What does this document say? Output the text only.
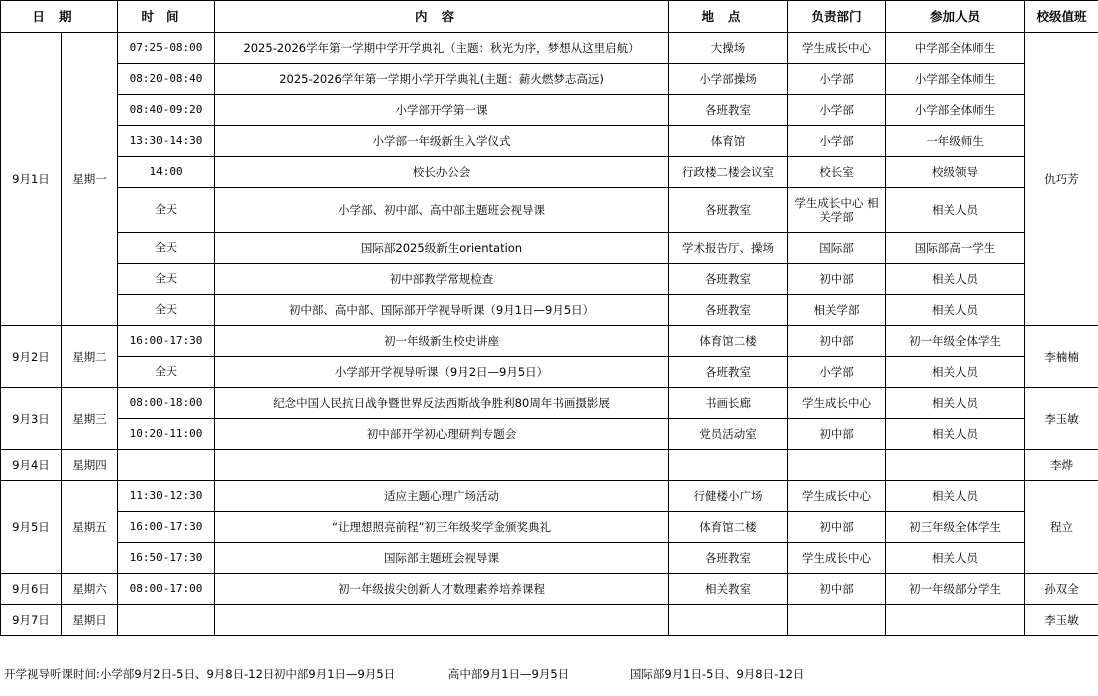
日期		时间	内容	地点	负责部门	参加人员	校级值班
9月1日	星期一	07:25-08:00	2025-2026学年第一学期中学开学典礼（主题：秋光为序，梦想从这里启航）	大操场	学生成长中心	中学部全体师生	仇巧芳
		08:20-08:40	2025-2026学年第一学期小学开学典礼(主题：薪火燃梦志高远)	小学部操场	小学部	小学部全体师生	
		08:40-09:20	小学部开学第一课	各班教室	小学部	小学部全体师生	
		13:30-14:30	小学部一年级新生入学仪式	体育馆	小学部	一年级师生	
		14:00	校长办公会	行政楼二楼会议室	校长室	校级领导	
		全天	小学部、初中部、高中部主题班会视导课	各班教室	学生成长中心 相关学部	相关人员	
		全天	国际部2025级新生orientation	学术报告厅、操场	国际部	国际部高一学生	
		全天	初中部教学常规检查	各班教室	初中部	相关人员	
		全天	初中部、高中部、国际部开学视导听课（9月1日—9月5日）	各班教室	相关学部	相关人员	
9月2日	星期二	16:00-17:30	初一年级新生校史讲座	体育馆二楼	初中部	初一年级全体学生	李楠楠
		全天	小学部开学视导听课（9月2日—9月5日）	各班教室	小学部	相关人员	
9月3日	星期三	08:00-18:00	纪念中国人民抗日战争暨世界反法西斯战争胜利80周年书画摄影展	书画长廊	学生成长中心	相关人员	李玉敏
		10:20-11:00	初中部开学初心理研判专题会	党员活动室	初中部	相关人员	
9月4日	星期四						李烨
9月5日	星期五	11:30-12:30	适应主题心理广场活动	行健楼小广场	学生成长中心	相关人员	程立
		16:00-17:30	“让理想照亮前程”初三年级奖学金颁奖典礼	体育馆二楼	初中部	初三年级全体学生	
		16:50-17:30	国际部主题班会视导课	各班教室	学生成长中心	相关人员	
9月6日	星期六	08:00-17:00	初一年级拔尖创新人才数理素养培养课程	相关教室	初中部	初一年级部分学生	孙双全
9月7日	星期日						李玉敏
开学视导听课时间:小学部9月2日-5日、9月8日-12日初中部9月1日—9月5日	高中部9月1日—9月5日	国际部9月1日-5日、9月8日-12日
